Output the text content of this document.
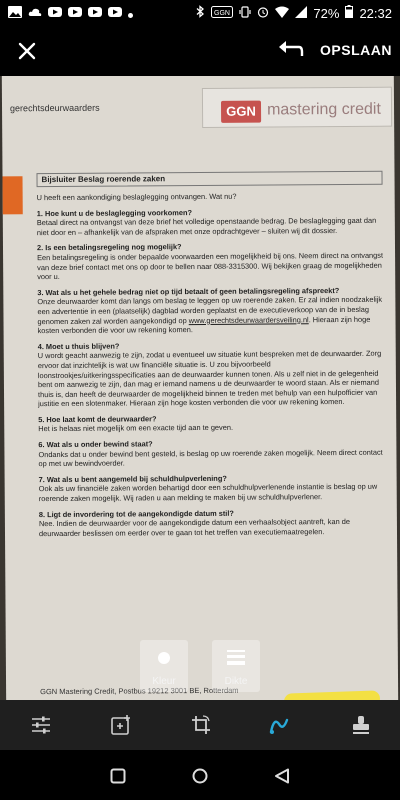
GGN	72% 22:32
OPSLAAN
gerechtsdeurwaarders	GGN mastering credit
Bijsluiter Beslag roerende zaken

U heeft een aankondiging beslaglegging ontvangen. Wat nu?

1. Hoe kunt u de beslaglegging voorkomen?

Betaal direct na ontvangst van deze brief het volledige openstaande bedrag. De beslaglegging gaat dan niet door en – afhankelijk van de afspraken met onze opdrachtgever – sluiten wij dit dossier.

2. Is een betalingsregeling nog mogelijk?

Een betalingsregeling is onder bepaalde voorwaarden een mogelijkheid bij ons. Neem direct na ontvangst van deze brief contact met ons op door te bellen naar 088-3315300. Wij bekijken graag de mogelijkheden voor u.

3. Wat als u het gehele bedrag niet op tijd betaalt of geen betalingsregeling afspreekt?

Onze deurwaarder komt dan langs om beslag te leggen op uw roerende zaken. Er zal indien noodzakelijk een advertentie in een (plaatselijk) dagblad worden geplaatst en de executieverkoop van de in beslag genomen zaken zal worden aangekondigd op www.gerechtsdeurwaardersveiling.nl. Hieraan zijn hoge kosten verbonden die voor uw rekening komen.

4. Moet u thuis blijven?

U wordt geacht aanwezig te zijn, zodat u eventueel uw situatie kunt bespreken met de deurwaarder. Zorg ervoor dat inzichtelijk is wat uw financiële situatie is. U zou bijvoorbeeld loonstrookjes/uitkeringsspecificaties aan de deurwaarder kunnen tonen. Als u zelf niet in de gelegenheid bent om aanwezig te zijn, dan mag er iemand namens u de deurwaarder te woord staan. Als er niemand thuis is, dan heeft de deurwaarder de mogelijkheid binnen te treden met behulp van een hulpofficier van justitie en een slotenmaker. Hieraan zijn hoge kosten verbonden die voor uw rekening komen.

5. Hoe laat komt de deurwaarder?

Het is helaas niet mogelijk om een exacte tijd aan te geven.

6. Wat als u onder bewind staat?

Ondanks dat u onder bewind bent gesteld, is beslag op uw roerende zaken mogelijk. Neem direct contact op met uw bewindvoerder.

7. Wat als u bent aangemeld bij schuldhulpverlening?

Ook als uw financiële zaken worden behartigd door een schuldhulpverlenende instantie is beslag op uw roerende zaken mogelijk. Wij raden u aan melding te maken bij uw schuldhulpverlener.

8. Ligt de invordering tot de aangekondigde datum stil?

Nee. Indien de deurwaarder voor de aangekondigde datum een verhaalsobject aantreft, kan de deurwaarder beslissen om eerder over te gaan tot het treffen van executiemaatregelen.

GGN Mastering Credit, Postbus 19212 3001 BE, Rotterdam
Kleur	Dikte
